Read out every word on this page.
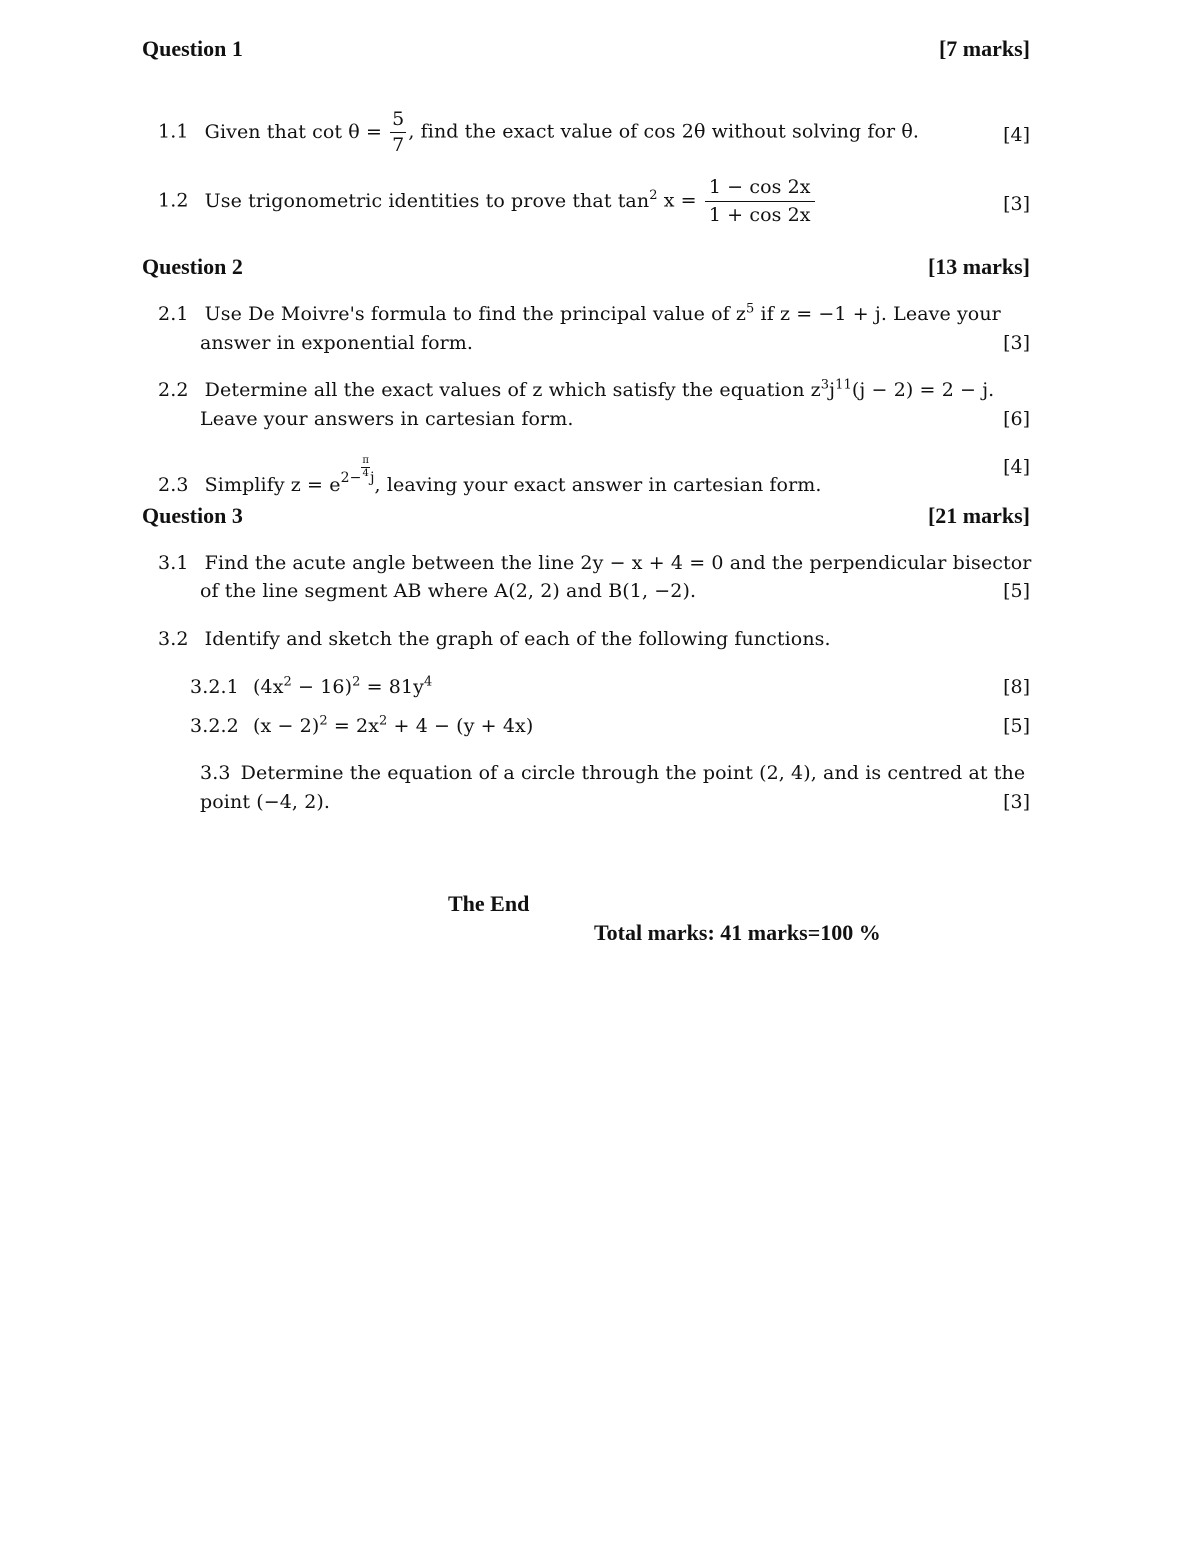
Question 1	[7 marks]
1.1 Given that $\cot \theta = \frac{5}{7}$ , find the exact value of cos 2θ without solving for θ.	[4]
1.2 Use trigonometric identities to prove that $\tan^2 x = \frac{1 - \cos 2x}{1 + \cos 2x}$	[3]
Question 2	[13 marks]
2.1 Use De Moivre's formula to find the principal value of $z^5$ if z = −1 + j. Leave your
answer in exponential form.	[3]
2.2 Determine all the exact values of z which satisfy the equation $z^3j^{11}(j - 2) = 2 - j$.
Leave your answers in cartesian form.	[6]
2.3 Simplify $z = e^{2- \frac{\pi}{4} j}$, leaving your exact answer in cartesian form.
[4]
Question 3	[21 marks]
3.1 Find the acute angle between the line 2y − x + 4 = 0 and the perpendicular bisector
of the line segment AB where A(2, 2) and B(1, −2).	[5]
3.2 Identify and sketch the graph of each of the following functions.
3.2.1 $(4x^2 - 16)^2 = 81y^4$	[8]
3.2.2 $(x - 2)^2 = 2x^2 + 4 - (y + 4x)$	[5]
3.3 Determine the equation of a circle through the point (2, 4), and is centred at the
point (−4, 2).	[3]
The End
Total marks: 41 marks=100 %
